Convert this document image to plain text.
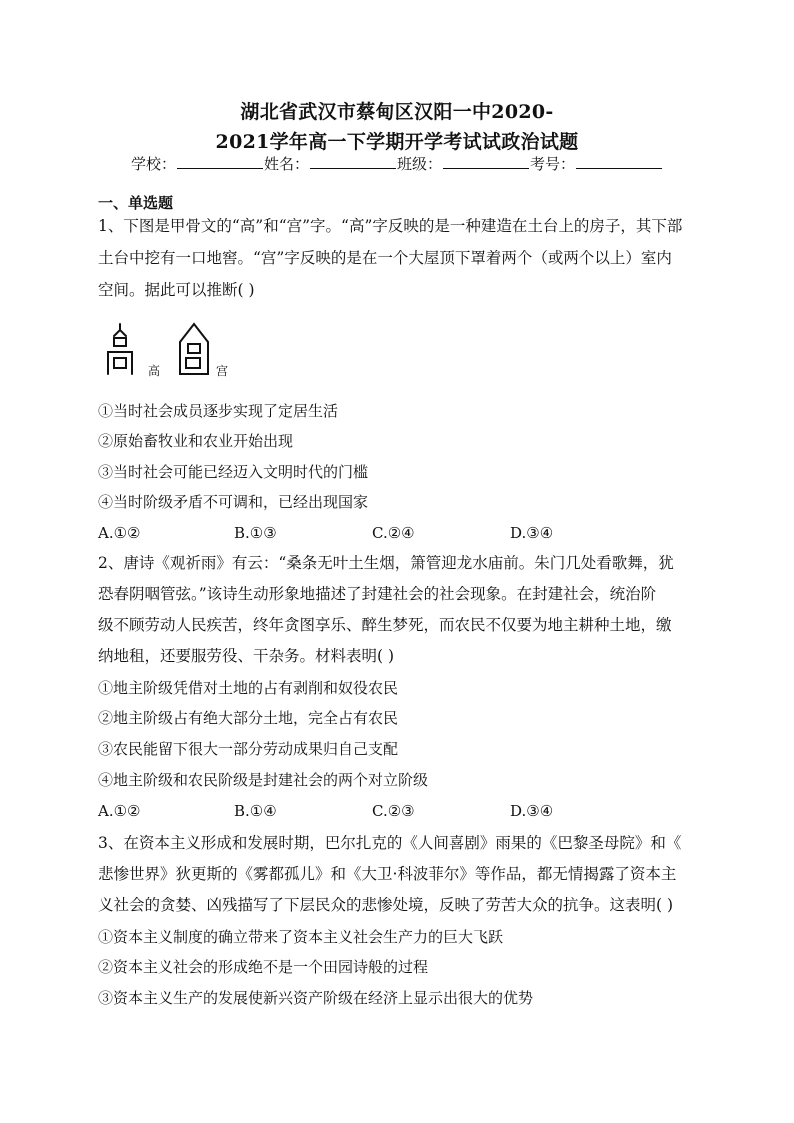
湖北省武汉市蔡甸区汉阳一中2020-
2021学年高一下学期开学考试试政治试题
学校：	姓名：	班级：	考号：
一、单选题
1、下图是甲骨文的“高”和“宫”字。“高”字反映的是一种建造在土台上的房子，其下部
土台中挖有一口地窖。“宫”字反映的是在一个大屋顶下罩着两个（或两个以上）室内
空间。据此可以推断( )
高	宫
①当时社会成员逐步实现了定居生活
②原始畜牧业和农业开始出现
③当时社会可能已经迈入文明时代的门槛
④当时阶级矛盾不可调和，已经出现国家
A.①②	B.①③	C.②④	D.③④
2、唐诗《观祈雨》有云：“桑条无叶土生烟，箫管迎龙水庙前。朱门几处看歌舞，犹
恐春阴咽管弦。”该诗生动形象地描述了封建社会的社会现象。在封建社会，统治阶
级不顾劳动人民疾苦，终年贪图享乐、醉生梦死，而农民不仅要为地主耕种土地，缴
纳地租，还要服劳役、干杂务。材料表明( )
①地主阶级凭借对土地的占有剥削和奴役农民
②地主阶级占有绝大部分土地，完全占有农民
③农民能留下很大一部分劳动成果归自己支配
④地主阶级和农民阶级是封建社会的两个对立阶级
A.①②	B.①④	C.②③	D.③④
3、在资本主义形成和发展时期，巴尔扎克的《人间喜剧》雨果的《巴黎圣母院》和《
悲惨世界》狄更斯的《雾都孤儿》和《大卫·科波菲尔》等作品，都无情揭露了资本主
义社会的贪婪、凶残描写了下层民众的悲惨处境，反映了劳苦大众的抗争。这表明( )
①资本主义制度的确立带来了资本主义社会生产力的巨大飞跃
②资本主义社会的形成绝不是一个田园诗般的过程
③资本主义生产的发展使新兴资产阶级在经济上显示出很大的优势
